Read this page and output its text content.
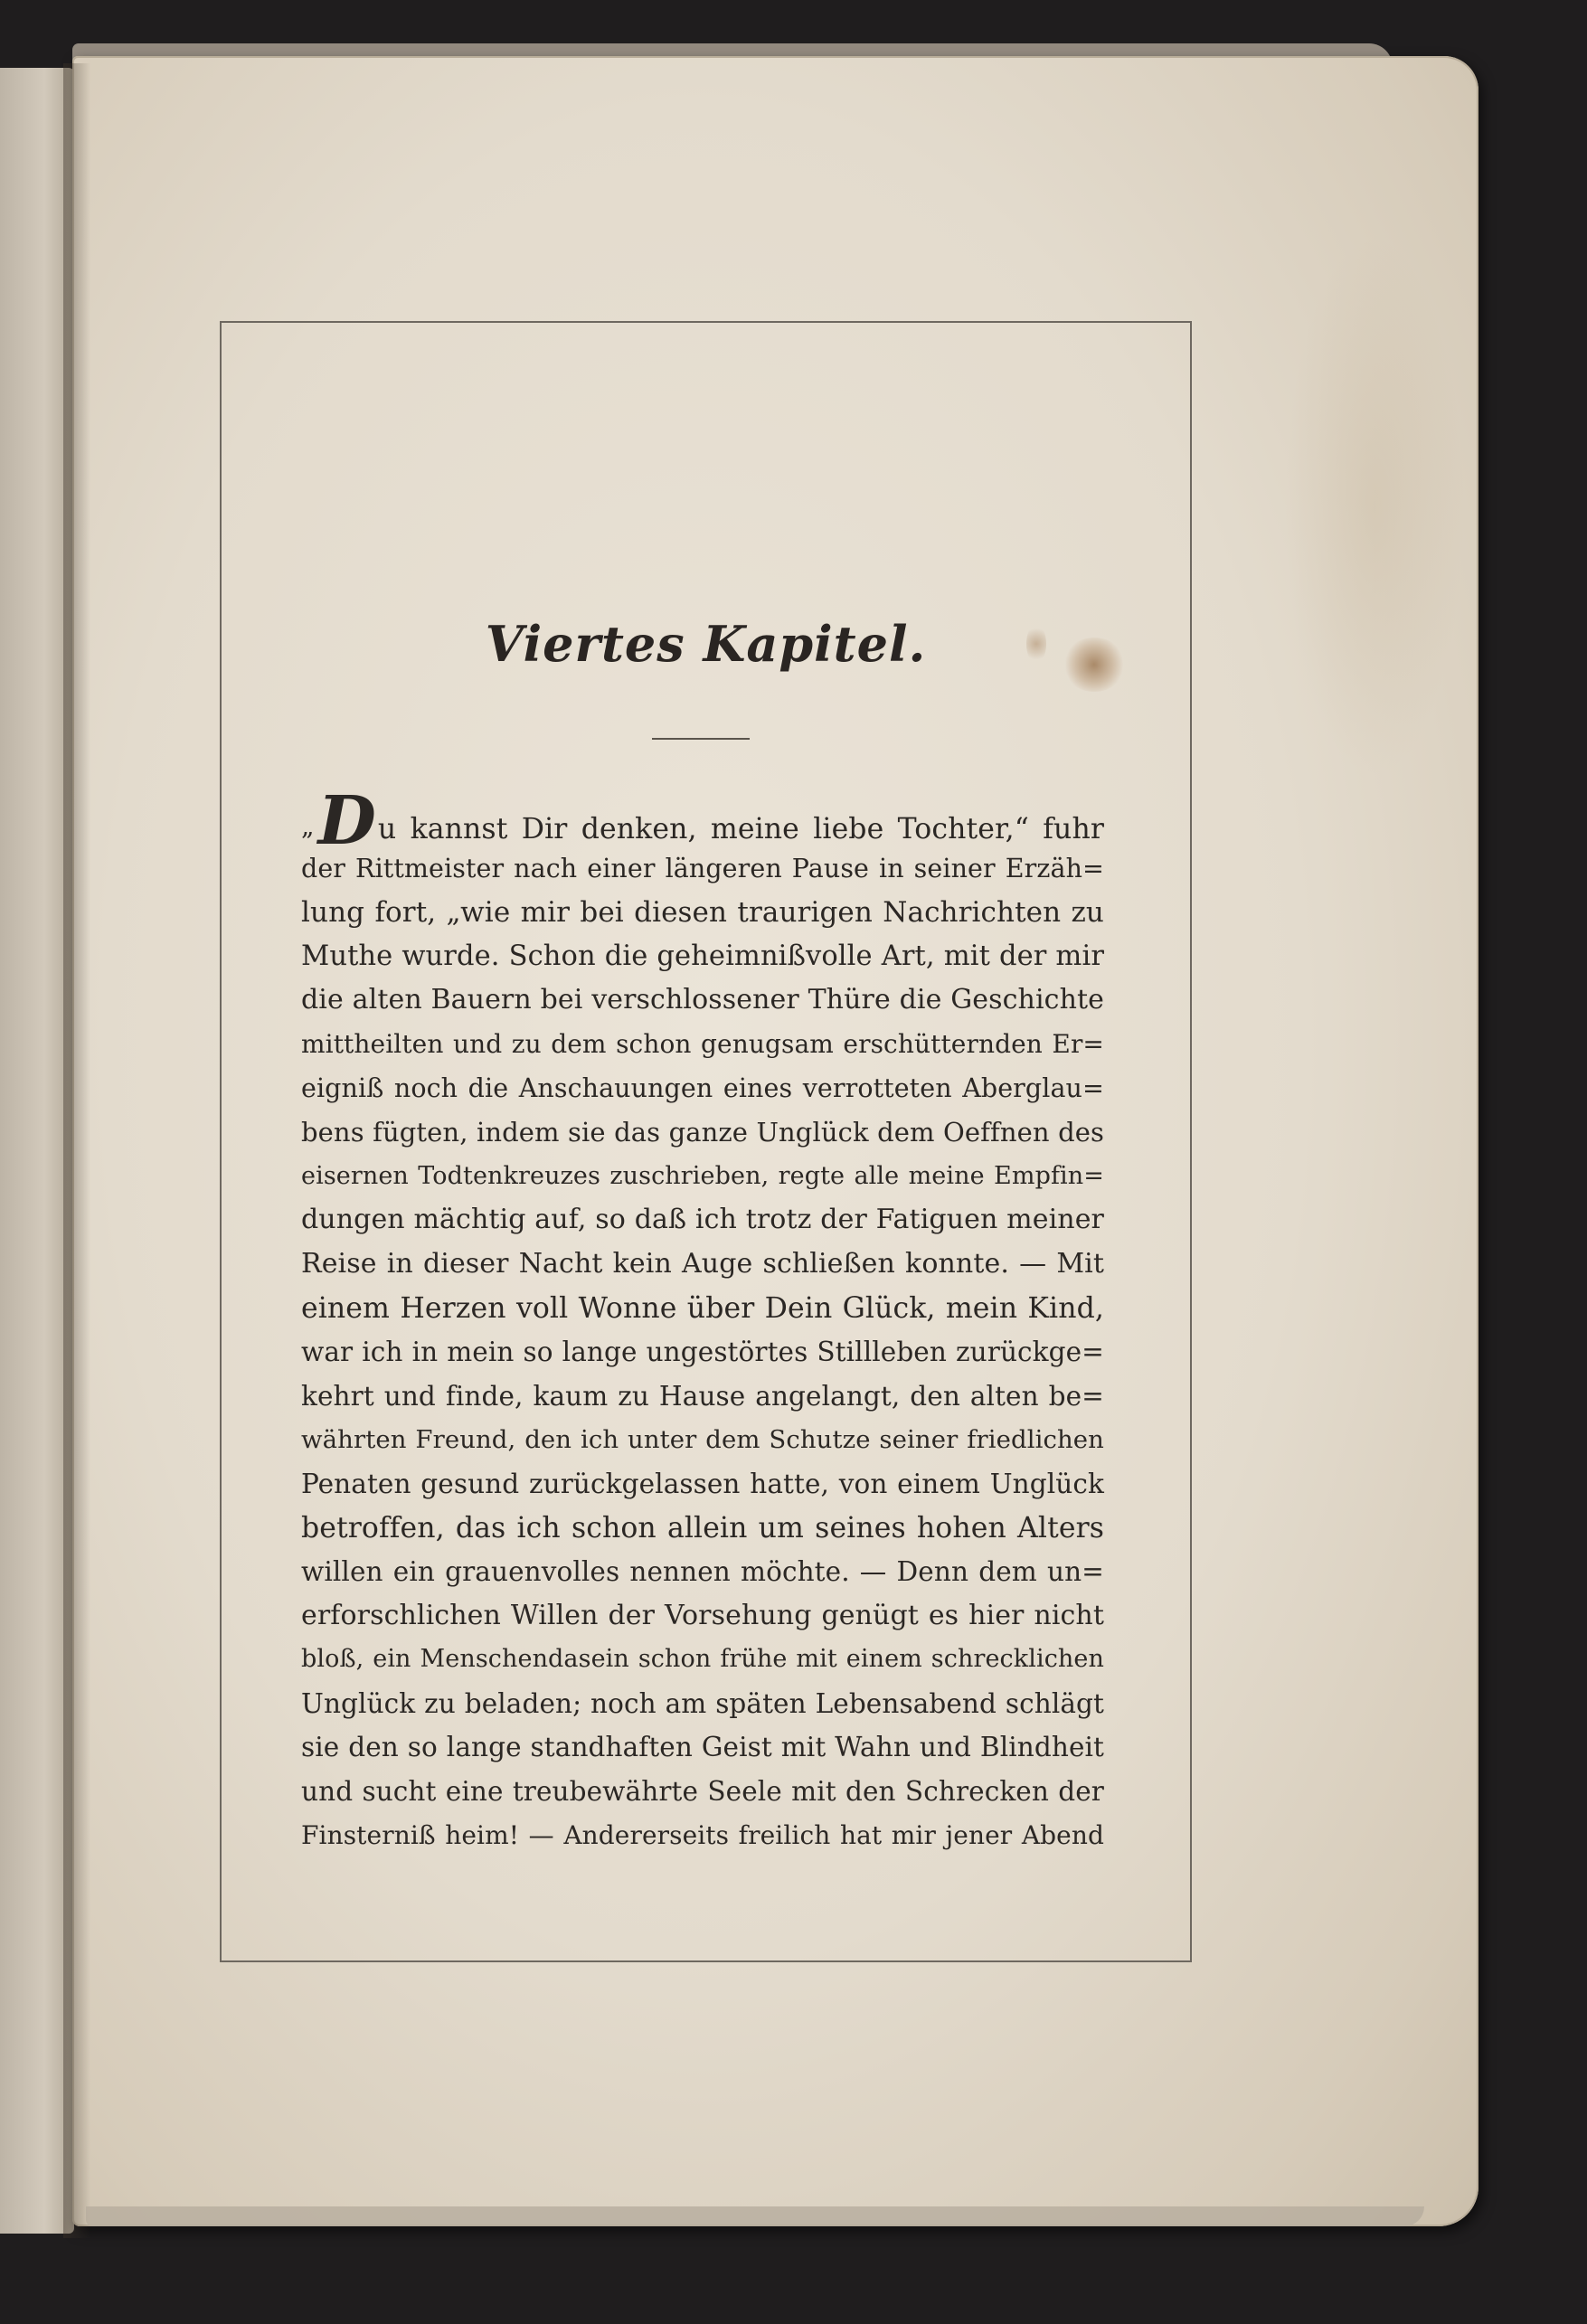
Viertes Kapitel.
„Du kannst Dir denken, meine liebe Tochter,“ fuhr
der Rittmeister nach einer längeren Pause in seiner Erzäh=
lung fort, „wie mir bei diesen traurigen Nachrichten zu
Muthe wurde. Schon die geheimnißvolle Art, mit der mir
die alten Bauern bei verschlossener Thüre die Geschichte
mittheilten und zu dem schon genugsam erschütternden Er=
eigniß noch die Anschauungen eines verrotteten Aberglau=
bens fügten, indem sie das ganze Unglück dem Oeffnen des
eisernen Todtenkreuzes zuschrieben, regte alle meine Empfin=
dungen mächtig auf, so daß ich trotz der Fatiguen meiner
Reise in dieser Nacht kein Auge schließen konnte. — Mit
einem Herzen voll Wonne über Dein Glück, mein Kind,
war ich in mein so lange ungestörtes Stillleben zurückge=
kehrt und finde, kaum zu Hause angelangt, den alten be=
währten Freund, den ich unter dem Schutze seiner friedlichen
Penaten gesund zurückgelassen hatte, von einem Unglück
betroffen, das ich schon allein um seines hohen Alters
willen ein grauenvolles nennen möchte. — Denn dem un=
erforschlichen Willen der Vorsehung genügt es hier nicht
bloß, ein Menschendasein schon frühe mit einem schrecklichen
Unglück zu beladen; noch am späten Lebensabend schlägt
sie den so lange standhaften Geist mit Wahn und Blindheit
und sucht eine treubewährte Seele mit den Schrecken der
Finsterniß heim! — Andererseits freilich hat mir jener Abend
